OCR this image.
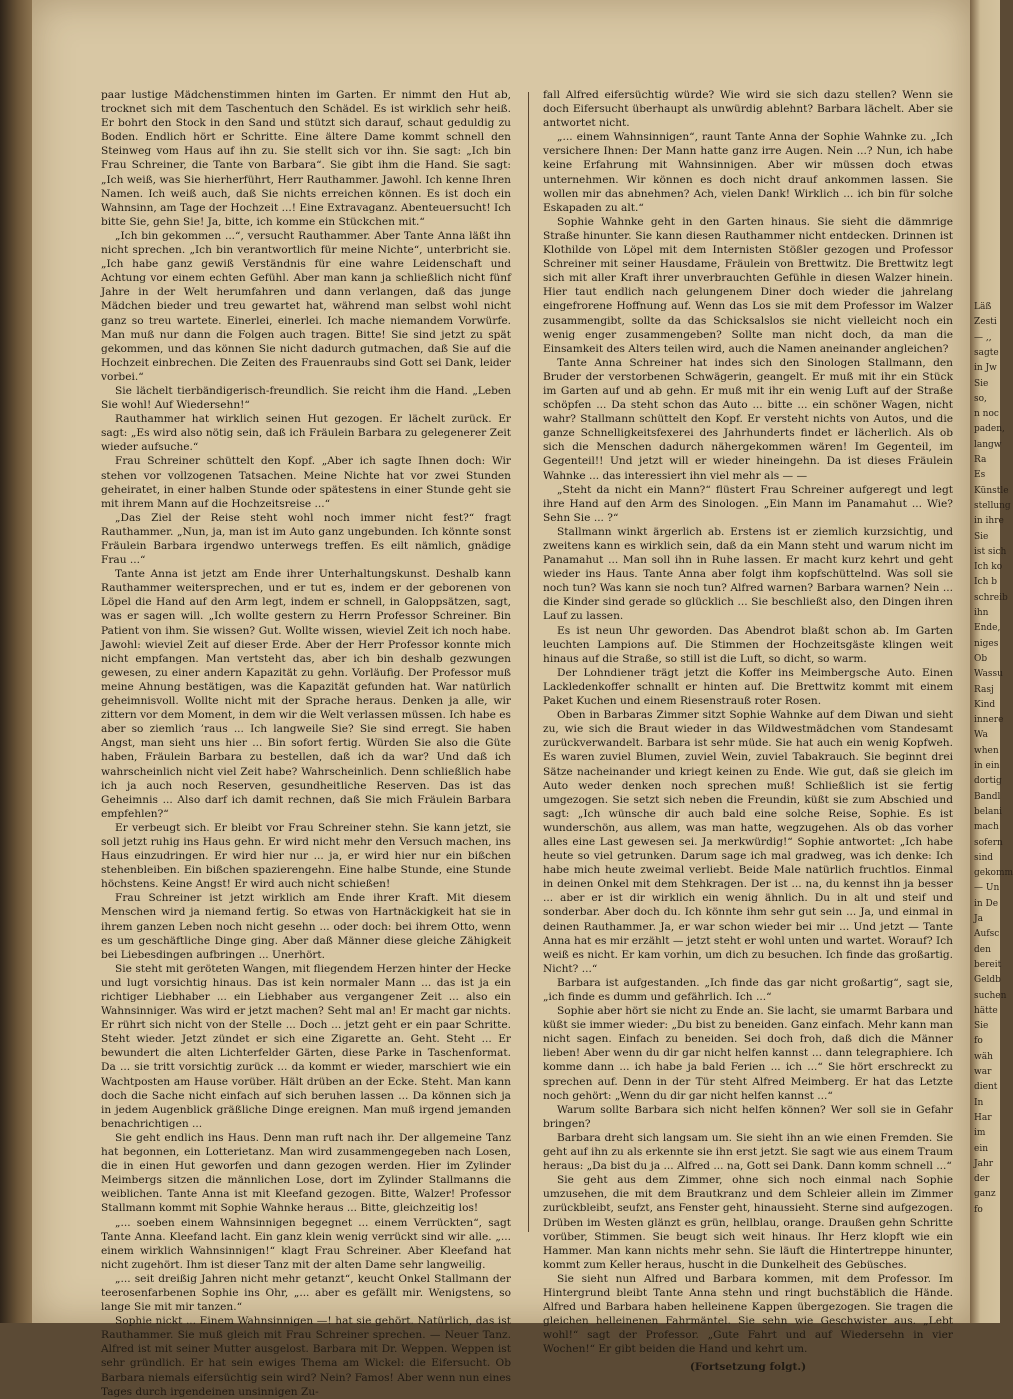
paar lustige Mädchenstimmen hinten im Garten. Er nimmt den Hut ab, trocknet sich mit dem Taschentuch den Schädel. Es ist wirklich sehr heiß. Er bohrt den Stock in den Sand und stützt sich darauf, schaut geduldig zu Boden. Endlich hört er Schritte. Eine ältere Dame kommt schnell den Steinweg vom Haus auf ihn zu. Sie stellt sich vor ihn. Sie sagt: „Ich bin Frau Schreiner, die Tante von Barbara“. Sie gibt ihm die Hand. Sie sagt: „Ich weiß, was Sie hierherführt, Herr Rauthammer. Jawohl. Ich kenne Ihren Namen. Ich weiß auch, daß Sie nichts erreichen können. Es ist doch ein Wahnsinn, am Tage der Hochzeit ...! Eine Extravaganz. Abenteuersucht! Ich bitte Sie, gehn Sie! Ja, bitte, ich komme ein Stückchen mit.“

„Ich bin gekommen ...“, versucht Rauthammer. Aber Tante Anna läßt ihn nicht sprechen. „Ich bin verantwortlich für meine Nichte“, unterbricht sie. „Ich habe ganz gewiß Verständnis für eine wahre Leidenschaft und Achtung vor einem echten Gefühl. Aber man kann ja schließlich nicht fünf Jahre in der Welt herumfahren und dann verlangen, daß das junge Mädchen bieder und treu gewartet hat, während man selbst wohl nicht ganz so treu wartete. Einerlei, einerlei. Ich mache niemandem Vorwürfe. Man muß nur dann die Folgen auch tragen. Bitte! Sie sind jetzt zu spät gekommen, und das können Sie nicht dadurch gutmachen, daß Sie auf die Hochzeit einbrechen. Die Zeiten des Frauenraubs sind Gott sei Dank, leider vorbei.“

Sie lächelt tierbändigerisch-freundlich. Sie reicht ihm die Hand. „Leben Sie wohl! Auf Wiedersehn!“

Rauthammer hat wirklich seinen Hut gezogen. Er lächelt zurück. Er sagt: „Es wird also nötig sein, daß ich Fräulein Barbara zu gelegenerer Zeit wieder aufsuche.“

Frau Schreiner schüttelt den Kopf. „Aber ich sagte Ihnen doch: Wir stehen vor vollzogenen Tatsachen. Meine Nichte hat vor zwei Stunden geheiratet, in einer halben Stunde oder spätestens in einer Stunde geht sie mit ihrem Mann auf die Hochzeitsreise ...“

„Das Ziel der Reise steht wohl noch immer nicht fest?“ fragt Rauthammer. „Nun, ja, man ist im Auto ganz ungebunden. Ich könnte sonst Fräulein Barbara irgendwo unterwegs treffen. Es eilt nämlich, gnädige Frau ...“

Tante Anna ist jetzt am Ende ihrer Unterhaltungskunst. Deshalb kann Rauthammer weitersprechen, und er tut es, indem er der geborenen von Löpel die Hand auf den Arm legt, indem er schnell, in Galoppsätzen, sagt, was er sagen will. „Ich wollte gestern zu Herrn Professor Schreiner. Bin Patient von ihm. Sie wissen? Gut. Wollte wissen, wieviel Zeit ich noch habe. Jawohl: wieviel Zeit auf dieser Erde. Aber der Herr Professor konnte mich nicht empfangen. Man vertsteht das, aber ich bin deshalb gezwungen gewesen, zu einer andern Kapazität zu gehn. Vorläufig. Der Professor muß meine Ahnung bestätigen, was die Kapazität gefunden hat. War natürlich geheimnisvoll. Wollte nicht mit der Sprache heraus. Denken ja alle, wir zittern vor dem Moment, in dem wir die Welt verlassen müssen. Ich habe es aber so ziemlich ’raus ... Ich langweile Sie? Sie sind erregt. Sie haben Angst, man sieht uns hier ... Bin sofort fertig. Würden Sie also die Güte haben, Fräulein Barbara zu bestellen, daß ich da war? Und daß ich wahrscheinlich nicht viel Zeit habe? Wahrscheinlich. Denn schließlich habe ich ja auch noch Reserven, gesundheitliche Reserven. Das ist das Geheimnis ... Also darf ich damit rechnen, daß Sie mich Fräulein Barbara empfehlen?“

Er verbeugt sich. Er bleibt vor Frau Schreiner stehn. Sie kann jetzt, sie soll jetzt ruhig ins Haus gehn. Er wird nicht mehr den Versuch machen, ins Haus einzudringen. Er wird hier nur ... ja, er wird hier nur ein bißchen stehenbleiben. Ein bißchen spazierengehn. Eine halbe Stunde, eine Stunde höchstens. Keine Angst! Er wird auch nicht schießen!

Frau Schreiner ist jetzt wirklich am Ende ihrer Kraft. Mit diesem Menschen wird ja niemand fertig. So etwas von Hartnäckigkeit hat sie in ihrem ganzen Leben noch nicht gesehn ... oder doch: bei ihrem Otto, wenn es um geschäftliche Dinge ging. Aber daß Männer diese gleiche Zähigkeit bei Liebesdingen aufbringen ... Unerhört.

Sie steht mit geröteten Wangen, mit fliegendem Herzen hinter der Hecke und lugt vorsichtig hinaus. Das ist kein normaler Mann ... das ist ja ein richtiger Liebhaber ... ein Liebhaber aus vergangener Zeit ... also ein Wahnsinniger. Was wird er jetzt machen? Seht mal an! Er macht gar nichts. Er rührt sich nicht von der Stelle ... Doch ... jetzt geht er ein paar Schritte. Steht wieder. Jetzt zündet er sich eine Zigarette an. Geht. Steht ... Er bewundert die alten Lichterfelder Gärten, diese Parke in Taschenformat. Da ... sie tritt vorsichtig zurück ... da kommt er wieder, marschiert wie ein Wachtposten am Hause vorüber. Hält drüben an der Ecke. Steht. Man kann doch die Sache nicht einfach auf sich beruhen lassen ... Da können sich ja in jedem Augenblick gräßliche Dinge ereignen. Man muß irgend jemanden benachrichtigen ...

Sie geht endlich ins Haus. Denn man ruft nach ihr. Der allgemeine Tanz hat begonnen, ein Lotterietanz. Man wird zusammengegeben nach Losen, die in einen Hut geworfen und dann gezogen werden. Hier im Zylinder Meimbergs sitzen die männlichen Lose, dort im Zylinder Stallmanns die weiblichen. Tante Anna ist mit Kleefand gezogen. Bitte, Walzer! Professor Stallmann kommt mit Sophie Wahnke heraus ... Bitte, gleichzeitig los!

„... soeben einem Wahnsinnigen begegnet ... einem Verrückten“, sagt Tante Anna. Kleefand lacht. Ein ganz klein wenig verrückt sind wir alle. „... einem wirklich Wahnsinnigen!“ klagt Frau Schreiner. Aber Kleefand hat nicht zugehört. Ihm ist dieser Tanz mit der alten Dame sehr langweilig.

„... seit dreißig Jahren nicht mehr getanzt“, keucht Onkel Stallmann der teerosenfarbenen Sophie ins Ohr, „... aber es gefällt mir. Wenigstens, so lange Sie mit mir tanzen.“

Sophie nickt ... Einem Wahnsinnigen —! hat sie gehört. Natürlich, das ist Rauthammer. Sie muß gleich mit Frau Schreiner sprechen. — Neuer Tanz. Alfred ist mit seiner Mutter ausgelost. Barbara mit Dr. Weppen. Weppen ist sehr gründlich. Er hat sein ewiges Thema am Wickel: die Eifersucht. Ob Barbara niemals eifersüchtig sein wird? Nein? Famos! Aber wenn nun eines Tages durch irgendeinen unsinnigen Zu-

fall Alfred eifersüchtig würde? Wie wird sie sich dazu stellen? Wenn sie doch Eifersucht überhaupt als unwürdig ablehnt? Barbara lächelt. Aber sie antwortet nicht.

„... einem Wahnsinnigen“, raunt Tante Anna der Sophie Wahnke zu. „Ich versichere Ihnen: Der Mann hatte ganz irre Augen. Nein ...? Nun, ich habe keine Erfahrung mit Wahnsinnigen. Aber wir müssen doch etwas unternehmen. Wir können es doch nicht drauf ankommen lassen. Sie wollen mir das abnehmen? Ach, vielen Dank! Wirklich ... ich bin für solche Eskapaden zu alt.“

Sophie Wahnke geht in den Garten hinaus. Sie sieht die dämmrige Straße hinunter. Sie kann diesen Rauthammer nicht entdecken. Drinnen ist Klothilde von Löpel mit dem Internisten Stößler gezogen und Professor Schreiner mit seiner Hausdame, Fräulein von Brettwitz. Die Brettwitz legt sich mit aller Kraft ihrer unverbrauchten Gefühle in diesen Walzer hinein. Hier taut endlich nach gelungenem Diner doch wieder die jahrelang eingefrorene Hoffnung auf. Wenn das Los sie mit dem Professor im Walzer zusammengibt, sollte da das Schicksalslos sie nicht vielleicht noch ein wenig enger zusammengeben? Sollte man nicht doch, da man die Einsamkeit des Alters teilen wird, auch die Namen aneinander angleichen?

Tante Anna Schreiner hat indes sich den Sinologen Stallmann, den Bruder der verstorbenen Schwägerin, geangelt. Er muß mit ihr ein Stück im Garten auf und ab gehn. Er muß mit ihr ein wenig Luft auf der Straße schöpfen ... Da steht schon das Auto ... bitte ... ein schöner Wagen, nicht wahr? Stallmann schüttelt den Kopf. Er versteht nichts von Autos, und die ganze Schnelligkeitsfexerei des Jahrhunderts findet er lächerlich. Als ob sich die Menschen dadurch nähergekommen wären! Im Gegenteil, im Gegenteil!! Und jetzt will er wieder hineingehn. Da ist dieses Fräulein Wahnke ... das interessiert ihn viel mehr als — —

„Steht da nicht ein Mann?“ flüstert Frau Schreiner aufgeregt und legt ihre Hand auf den Arm des Sinologen. „Ein Mann im Panamahut ... Wie? Sehn Sie ... ?“

Stallmann winkt ärgerlich ab. Erstens ist er ziemlich kurzsichtig, und zweitens kann es wirklich sein, daß da ein Mann steht und warum nicht im Panamahut ... Man soll ihn in Ruhe lassen. Er macht kurz kehrt und geht wieder ins Haus. Tante Anna aber folgt ihm kopfschüttelnd. Was soll sie noch tun? Was kann sie noch tun? Alfred warnen? Barbara warnen? Nein ... die Kinder sind gerade so glücklich ... Sie beschließt also, den Dingen ihren Lauf zu lassen.

Es ist neun Uhr geworden. Das Abendrot blaßt schon ab. Im Garten leuchten Lampions auf. Die Stimmen der Hochzeitsgäste klingen weit hinaus auf die Straße, so still ist die Luft, so dicht, so warm.

Der Lohndiener trägt jetzt die Koffer ins Meimbergsche Auto. Einen Lackledenkoffer schnallt er hinten auf. Die Brettwitz kommt mit einem Paket Kuchen und einem Riesenstrauß roter Rosen.

Oben in Barbaras Zimmer sitzt Sophie Wahnke auf dem Diwan und sieht zu, wie sich die Braut wieder in das Wildwestmädchen vom Standesamt zurückverwandelt. Barbara ist sehr müde. Sie hat auch ein wenig Kopfweh. Es waren zuviel Blumen, zuviel Wein, zuviel Tabakrauch. Sie beginnt drei Sätze nacheinander und kriegt keinen zu Ende. Wie gut, daß sie gleich im Auto weder denken noch sprechen muß! Schließlich ist sie fertig umgezogen. Sie setzt sich neben die Freundin, küßt sie zum Abschied und sagt: „Ich wünsche dir auch bald eine solche Reise, Sophie. Es ist wunderschön, aus allem, was man hatte, wegzugehen. Als ob das vorher alles eine Last gewesen sei. Ja merkwürdig!“ Sophie antwortet: „Ich habe heute so viel getrunken. Darum sage ich mal gradweg, was ich denke: Ich habe mich heute zweimal verliebt. Beide Male natürlich fruchtlos. Einmal in deinen Onkel mit dem Stehkragen. Der ist ... na, du kennst ihn ja besser ... aber er ist dir wirklich ein wenig ähnlich. Du in alt und steif und sonderbar. Aber doch du. Ich könnte ihm sehr gut sein ... Ja, und einmal in deinen Rauthammer. Ja, er war schon wieder bei mir ... Und jetzt — Tante Anna hat es mir erzählt — jetzt steht er wohl unten und wartet. Worauf? Ich weiß es nicht. Er kam vorhin, um dich zu besuchen. Ich finde das großartig. Nicht? ...“

Barbara ist aufgestanden. „Ich finde das gar nicht großartig“, sagt sie, „ich finde es dumm und gefährlich. Ich ...“

Sophie aber hört sie nicht zu Ende an. Sie lacht, sie umarmt Barbara und küßt sie immer wieder: „Du bist zu beneiden. Ganz einfach. Mehr kann man nicht sagen. Einfach zu beneiden. Sei doch froh, daß dich die Männer lieben! Aber wenn du dir gar nicht helfen kannst ... dann telegraphiere. Ich komme dann ... ich habe ja bald Ferien ... ich ...“ Sie hört erschreckt zu sprechen auf. Denn in der Tür steht Alfred Meimberg. Er hat das Letzte noch gehört: „Wenn du dir gar nicht helfen kannst ...“

Warum sollte Barbara sich nicht helfen können? Wer soll sie in Gefahr bringen?

Barbara dreht sich langsam um. Sie sieht ihn an wie einen Fremden. Sie geht auf ihn zu als erkennte sie ihn erst jetzt. Sie sagt wie aus einem Traum heraus: „Da bist du ja ... Alfred ... na, Gott sei Dank. Dann komm schnell ...“

Sie geht aus dem Zimmer, ohne sich noch einmal nach Sophie umzusehen, die mit dem Brautkranz und dem Schleier allein im Zimmer zurückbleibt, seufzt, ans Fenster geht, hinaussieht. Sterne sind aufgezogen. Drüben im Westen glänzt es grün, hellblau, orange. Draußen gehn Schritte vorüber, Stimmen. Sie beugt sich weit hinaus. Ihr Herz klopft wie ein Hammer. Man kann nichts mehr sehn. Sie läuft die Hintertreppe hinunter, kommt zum Keller heraus, huscht in die Dunkelheit des Gebüsches.

Sie sieht nun Alfred und Barbara kommen, mit dem Professor. Im Hintergrund bleibt Tante Anna stehn und ringt buchstäblich die Hände. Alfred und Barbara haben helleinene Kappen übergezogen. Sie tragen die gleichen helleinenen Fahrmäntel. Sie sehn wie Geschwister aus. „Lebt wohl!“ sagt der Professor. „Gute Fahrt und auf Wiedersehn in vier Wochen!“ Er gibt beiden die Hand und kehrt um.

(Fortsetzung folgt.)

Läß
Zesti
— ,,
sagte
in Jw
Sie
so,
n noc
paden,
langw
Ra
Es
Künstle
stellung
in ihre
Sie
ist sich
Ich ko
Ich b
schreib
ihn
Ende,
niges
Ob
Wassu
Rasj
Kind
innere
Wa
when
in ein
dortig
Bandl
belani
mach
sofern
sind
gekomm
— Un
in De
Ja
Aufsc
den
bereit
Geldb
suchen
hätte
Sie
fo
wäh
war
dient
In
Har
im
ein
Jahr
der
ganz
fo
